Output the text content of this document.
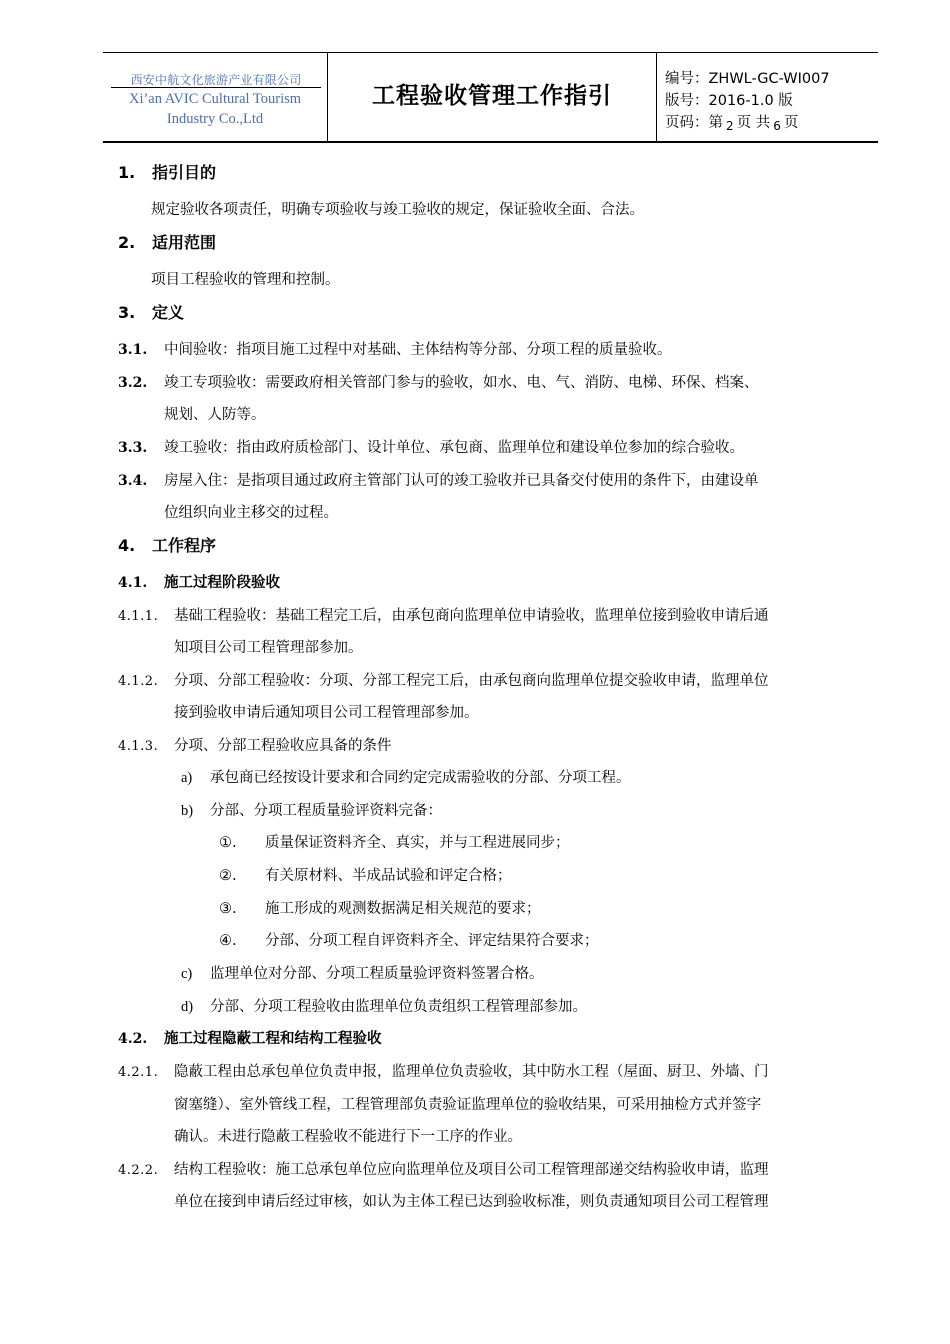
西安中航文化旅游产业有限公司
Xi’an AVIC Cultural Tourism
Industry Co.,Ltd
工程验收管理工作指引
编号：ZHWL-GC-WI007
版号：2016-1.0 版
页码：第 $_2$ 页 共 $_6$ 页
1. 指引目的
规定验收各项责任，明确专项验收与竣工验收的规定，保证验收全面、合法。
2. 适用范围
项目工程验收的管理和控制。
3. 定义
3.1. 中间验收：指项目施工过程中对基础、主体结构等分部、分项工程的质量验收。
3.2. 竣工专项验收：需要政府相关管部门参与的验收，如水、电、气、消防、电梯、环保、档案、
规划、人防等。
3.3. 竣工验收：指由政府质检部门、设计单位、承包商、监理单位和建设单位参加的综合验收。
3.4. 房屋入住：是指项目通过政府主管部门认可的竣工验收并已具备交付使用的条件下，由建设单
位组织向业主移交的过程。
4. 工作程序
4.1. 施工过程阶段验收
4.1.1. 基础工程验收：基础工程完工后，由承包商向监理单位申请验收，监理单位接到验收申请后通
知项目公司工程管理部参加。
4.1.2. 分项、分部工程验收：分项、分部工程完工后，由承包商向监理单位提交验收申请，监理单位
接到验收申请后通知项目公司工程管理部参加。
4.1.3. 分项、分部工程验收应具备的条件
a) 承包商已经按设计要求和合同约定完成需验收的分部、分项工程。
b) 分部、分项工程质量验评资料完备：
①. 质量保证资料齐全、真实，并与工程进展同步；
②. 有关原材料、半成品试验和评定合格；
③. 施工形成的观测数据满足相关规范的要求；
④. 分部、分项工程自评资料齐全、评定结果符合要求；
c) 监理单位对分部、分项工程质量验评资料签署合格。
d) 分部、分项工程验收由监理单位负责组织工程管理部参加。
4.2. 施工过程隐蔽工程和结构工程验收
4.2.1. 隐蔽工程由总承包单位负责申报，监理单位负责验收，其中防水工程（屋面、厨卫、外墙、门
窗塞缝）、室外管线工程，工程管理部负责验证监理单位的验收结果，可采用抽检方式并签字
确认。未进行隐蔽工程验收不能进行下一工序的作业。
4.2.2. 结构工程验收：施工总承包单位应向监理单位及项目公司工程管理部递交结构验收申请，监理
单位在接到申请后经过审核，如认为主体工程已达到验收标准，则负责通知项目公司工程管理
